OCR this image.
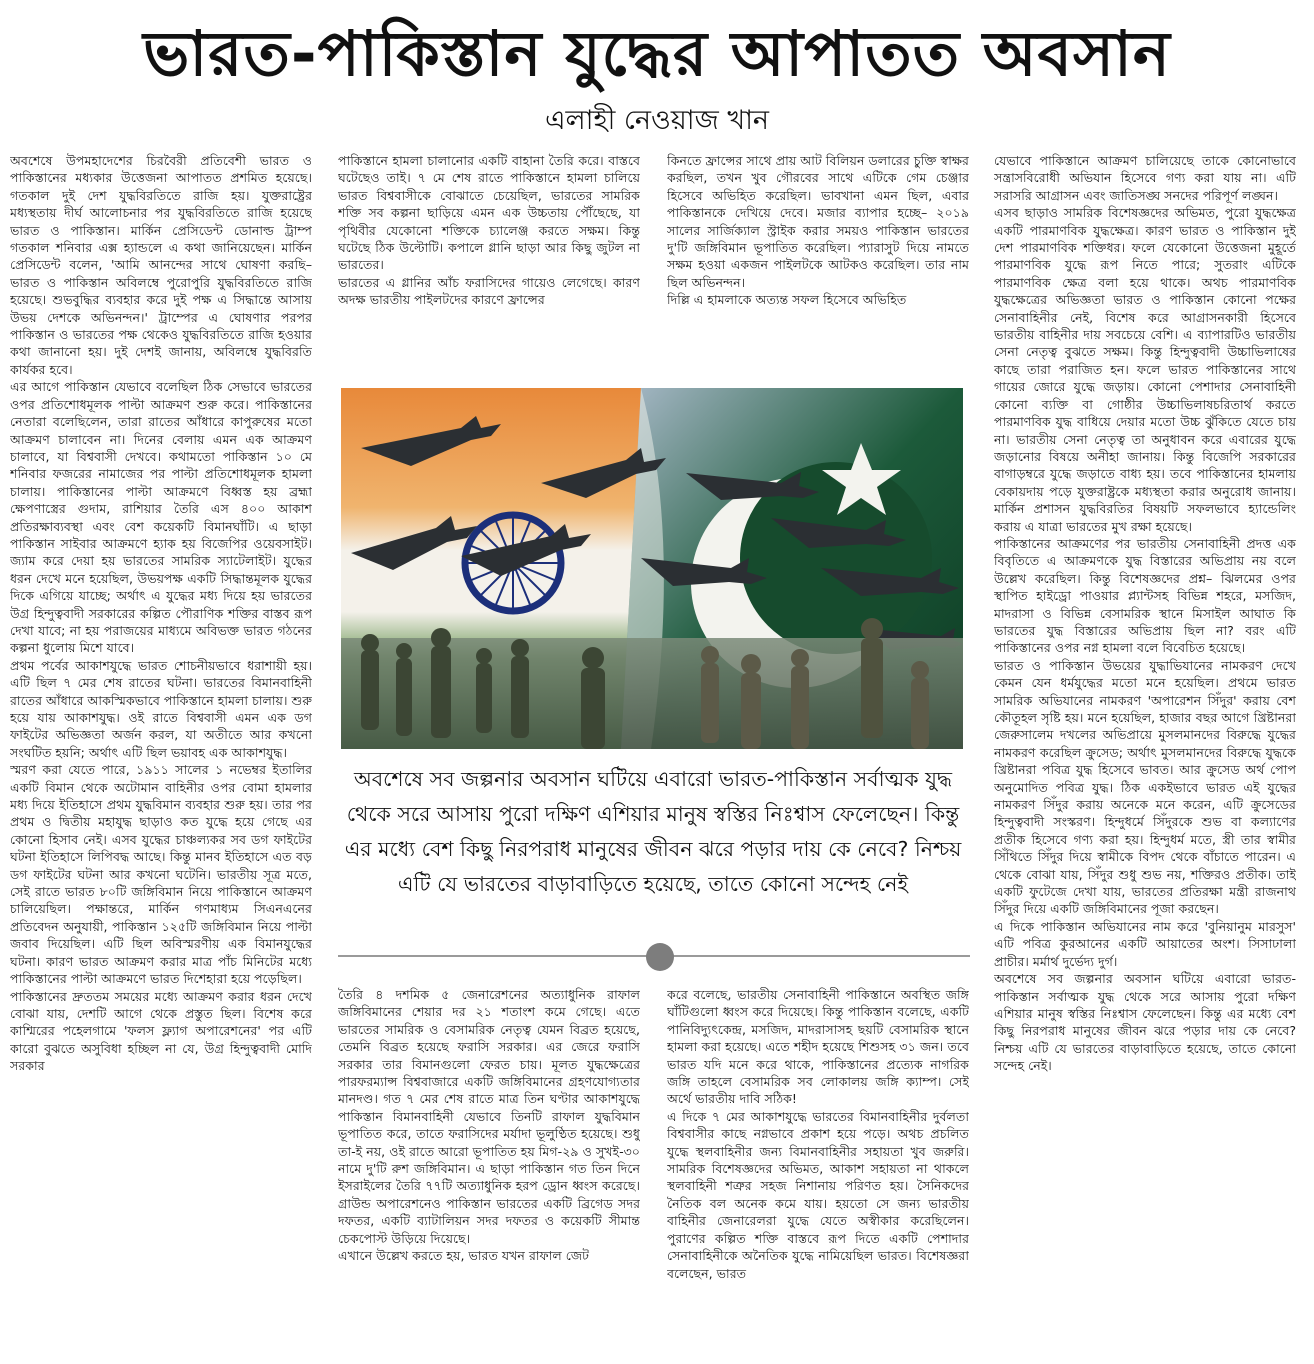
ভারত-পাকিস্তান যুদ্ধের আপাতত অবসান
এলাহী নেওয়াজ খান

অবশেষে উপমহাদেশের চিরবৈরী প্রতিবেশী ভারত ও পাকিস্তানের মধ্যকার উত্তেজনা আপাতত প্রশমিত হয়েছে। গতকাল দুই দেশ যুদ্ধবিরতিতে রাজি হয়। যুক্তরাষ্ট্রের মধ্যস্থতায় দীর্ঘ আলোচনার পর যুদ্ধবিরতিতে রাজি হয়েছে ভারত ও পাকিস্তান। মার্কিন প্রেসিডেন্ট ডোনাল্ড ট্রাম্প গতকাল শনিবার এক্স হ্যান্ডলে এ কথা জানিয়েছেন। মার্কিন প্রেসিডেন্ট বলেন, 'আমি আনন্দের সাথে ঘোষণা করছি– ভারত ও পাকিস্তান অবিলম্বে পুরোপুরি যুদ্ধবিরতিতে রাজি হয়েছে। শুভবুদ্ধির ব্যবহার করে দুই পক্ষ এ সিদ্ধান্তে আসায় উভয় দেশকে অভিনন্দন।' ট্রাম্পের এ ঘোষণার পরপর পাকিস্তান ও ভারতের পক্ষ থেকেও যুদ্ধবিরতিতে রাজি হওয়ার কথা জানানো হয়। দুই দেশই জানায়, অবিলম্বে যুদ্ধবিরতি কার্যকর হবে।

এর আগে পাকিস্তান যেভাবে বলেছিল ঠিক সেভাবে ভারতের ওপর প্রতিশোধমূলক পাল্টা আক্রমণ শুরু করে। পাকিস্তানের নেতারা বলেছিলেন, তারা রাতের আঁধারে কাপুরুষের মতো আক্রমণ চালাবেন না। দিনের বেলায় এমন এক আক্রমণ চালাবে, যা বিশ্ববাসী দেখবে। কথামতো পাকিস্তান ১০ মে শনিবার ফজরের নামাজের পর পাল্টা প্রতিশোধমূলক হামলা চালায়। পাকিস্তানের পাল্টা আক্রমণে বিধ্বস্ত হয় ব্রহ্মা ক্ষেপণাস্ত্রের গুদাম, রাশিয়ার তৈরি এস ৪০০ আকাশ প্রতিরক্ষাব্যবস্থা এবং বেশ কয়েকটি বিমানঘাঁটি। এ ছাড়া পাকিস্তান সাইবার আক্রমণে হ্যাক হয় বিজেপির ওয়েবসাইট। জ্যাম করে দেয়া হয় ভারতের সামরিক স্যাটেলাইট। যুদ্ধের ধরন দেখে মনে হয়েছিল, উভয়পক্ষ একটি সিদ্ধান্তমূলক যুদ্ধের দিকে এগিয়ে যাচ্ছে; অর্থাৎ এ যুদ্ধের মধ্য দিয়ে হয় ভারতের উগ্র হিন্দুত্ববাদী সরকারের কল্পিত পৌরাণিক শক্তির বাস্তব রূপ দেখা যাবে; না হয় পরাজয়ের মাধ্যমে অবিভক্ত ভারত গঠনের কল্পনা ধুলোয় মিশে যাবে।

প্রথম পর্বের আকাশযুদ্ধে ভারত শোচনীয়ভাবে ধরাশায়ী হয়। এটি ছিল ৭ মের শেষ রাতের ঘটনা। ভারতের বিমানবাহিনী রাতের আঁধারে আকস্মিকভাবে পাকিস্তানে হামলা চালায়। শুরু হয়ে যায় আকাশযুদ্ধ। ওই রাতে বিশ্ববাসী এমন এক ডগ ফাইটের অভিজ্ঞতা অর্জন করল, যা অতীতে আর কখনো সংঘটিত হয়নি; অর্থাৎ এটি ছিল ভয়াবহ এক আকাশযুদ্ধ।

স্মরণ করা যেতে পারে, ১৯১১ সালের ১ নভেম্বর ইতালির একটি বিমান থেকে অটোমান বাহিনীর ওপর বোমা হামলার মধ্য দিয়ে ইতিহাসে প্রথম যুদ্ধবিমান ব্যবহার শুরু হয়। তার পর প্রথম ও দ্বিতীয় মহাযুদ্ধ ছাড়াও কত যুদ্ধে হয়ে গেছে এর কোনো হিসাব নেই। এসব যুদ্ধের চাঞ্চল্যকর সব ডগ ফাইটের ঘটনা ইতিহাসে লিপিবদ্ধ আছে। কিন্তু মানব ইতিহাসে এত বড় ডগ ফাইটের ঘটনা আর কখনো ঘটেনি। ভারতীয় সূত্র মতে, সেই রাতে ভারত ৮০টি জঙ্গিবিমান নিয়ে পাকিস্তানে আক্রমণ চালিয়েছিল। পক্ষান্তরে, মার্কিন গণমাধ্যম সিএনএনের প্রতিবেদন অনুযায়ী, পাকিস্তান ১২৫টি জঙ্গিবিমান নিয়ে পাল্টা জবাব দিয়েছিল। এটি ছিল অবিস্মরণীয় এক বিমানযুদ্ধের ঘটনা। কারণ ভারত আক্রমণ করার মাত্র পাঁচ মিনিটের মধ্যে পাকিস্তানের পাল্টা আক্রমণে ভারত দিশেহারা হয়ে পড়েছিল।

পাকিস্তানের দ্রুততম সময়ের মধ্যে আক্রমণ করার ধরন দেখে বোঝা যায়, দেশটি আগে থেকে প্রস্তুত ছিল। বিশেষ করে কাশ্মিরের পহেলগামে 'ফলস ফ্ল্যাগ অপারেশনের' পর এটি কারো বুঝতে অসুবিধা হচ্ছিল না যে, উগ্র হিন্দুত্ববাদী মোদি সরকার

পাকিস্তানে হামলা চালানোর একটি বাহানা তৈরি করে। বাস্তবে ঘটেছেও তাই। ৭ মে শেষ রাতে পাকিস্তানে হামলা চালিয়ে ভারত বিশ্ববাসীকে বোঝাতে চেয়েছিল, ভারতের সামরিক শক্তি সব কল্পনা ছাড়িয়ে এমন এক উচ্চতায় পৌঁছেছে, যা পৃথিবীর যেকোনো শক্তিকে চ্যালেঞ্জ করতে সক্ষম। কিন্তু ঘটেছে ঠিক উল্টোটি। কপালে গ্লানি ছাড়া আর কিছু জুটল না ভারতের।

ভারতের এ গ্লানির আঁচ ফরাসিদের গায়েও লেগেছে। কারণ অদক্ষ ভারতীয় পাইলটদের কারণে ফ্রান্সের

কিনতে ফ্রান্সের সাথে প্রায় আট বিলিয়ন ডলারের চুক্তি স্বাক্ষর করছিল, তখন খুব গৌরবের সাথে এটিকে গেম চেঞ্জার হিসেবে অভিহিত করেছিল। ভাবখানা এমন ছিল, এবার পাকিস্তানকে দেখিয়ে দেবে। মজার ব্যাপার হচ্ছে– ২০১৯ সালের সার্জিক্যাল স্ট্রাইক করার সময়ও পাকিস্তান ভারতের দু'টি জঙ্গিবিমান ভূপাতিত করেছিল। প্যারাসুট দিয়ে নামতে সক্ষম হওয়া একজন পাইলটকে আটকও করেছিল। তার নাম ছিল অভিনন্দন।

দিল্লি এ হামলাকে অত্যন্ত সফল হিসেবে অভিহিত

যেভাবে পাকিস্তানে আক্রমণ চালিয়েছে তাকে কোনোভাবে সন্ত্রাসবিরোধী অভিযান হিসেবে গণ্য করা যায় না। এটি সরাসরি আগ্রাসন এবং জাতিসঙ্ঘ সনদের পরিপূর্ণ লঙ্ঘন।

এসব ছাড়াও সামরিক বিশেষজ্ঞদের অভিমত, পুরো যুদ্ধক্ষেত্র একটি পারমাণবিক যুদ্ধক্ষেত্র। কারণ ভারত ও পাকিস্তান দুই দেশ পারমাণবিক শক্তিধর। ফলে যেকোনো উত্তেজনা মুহূর্তে পারমাণবিক যুদ্ধে রূপ নিতে পারে; সুতরাং এটিকে পারমাণবিক ক্ষেত্র বলা হয়ে থাকে। অথচ পারমাণবিক যুদ্ধক্ষেত্রের অভিজ্ঞতা ভারত ও পাকিস্তান কোনো পক্ষের সেনাবাহিনীর নেই, বিশেষ করে আগ্রাসনকারী হিসেবে ভারতীয় বাহিনীর দায় সবচেয়ে বেশি। এ ব্যাপারটিও ভারতীয় সেনা নেতৃত্ব বুঝতে সক্ষম। কিন্তু হিন্দুত্ববাদী উচ্চাভিলাষের কাছে তারা পরাজিত হন। ফলে ভারত পাকিস্তানের সাথে গায়ের জোরে যুদ্ধে জড়ায়। কোনো পেশাদার সেনাবাহিনী কোনো ব্যক্তি বা গোষ্ঠীর উচ্চাভিলাষচরিতার্থ করতে পারমাণবিক যুদ্ধ বাধিয়ে দেয়ার মতো উচ্চ ঝুঁকিতে যেতে চায় না। ভারতীয় সেনা নেতৃত্ব তা অনুধাবন করে এবারের যুদ্ধে জড়ানোর বিষয়ে অনীহা জানায়। কিন্তু বিজেপি সরকারের বাগাড়ম্বরে যুদ্ধে জড়াতে বাধ্য হয়। তবে পাকিস্তানের হামলায় বেকায়দায় পড়ে যুক্তরাষ্ট্রকে মধ্যস্থতা করার অনুরোধ জানায়। মার্কিন প্রশাসন যুদ্ধবিরতির বিষয়টি সফলভাবে হ্যান্ডেলিং করায় এ যাত্রা ভারতের মুখ রক্ষা হয়েছে।

পাকিস্তানের আক্রমণের পর ভারতীয় সেনাবাহিনী প্রদত্ত এক বিবৃতিতে এ আক্রমণকে যুদ্ধ বিস্তারের অভিপ্রায় নয় বলে উল্লেখ করেছিল। কিন্তু বিশেষজ্ঞদের প্রশ্ন– ঝিলমের ওপর স্থাপিত হাইড্রো পাওয়ার প্ল্যান্টসহ বিভিন্ন শহরে, মসজিদ, মাদরাসা ও বিভিন্ন বেসামরিক স্থানে মিসাইল আঘাত কি ভারতের যুদ্ধ বিস্তারের অভিপ্রায় ছিল না? বরং এটি পাকিস্তানের ওপর নগ্ন হামলা বলে বিবেচিত হয়েছে।

ভারত ও পাকিস্তান উভয়ের যুদ্ধাভিযানের নামকরণ দেখে কেমন যেন ধর্মযুদ্ধের মতো মনে হয়েছিল। প্রথমে ভারত সামরিক অভিযানের নামকরণ 'অপারেশন সিঁদুর' করায় বেশ কৌতূহল সৃষ্টি হয়। মনে হয়েছিল, হাজার বছর আগে খ্রিষ্টানরা জেরুসালেম দখলের অভিপ্রায়ে মুসলমানদের বিরুদ্ধে যুদ্ধের নামকরণ করেছিল ক্রুসেড; অর্থাৎ মুসলমানদের বিরুদ্ধে যুদ্ধকে খ্রিষ্টানরা পবিত্র যুদ্ধ হিসেবে ভাবত। আর ক্রুসেড অর্থ পোপ অনুমোদিত পবিত্র যুদ্ধ। ঠিক একইভাবে ভারত এই যুদ্ধের নামকরণ সিঁদুর করায় অনেকে মনে করেন, এটি ক্রুসেডের হিন্দুত্ববাদী সংস্করণ। হিন্দুধর্মে সিঁদুরকে শুভ বা কল্যাণের প্রতীক হিসেবে গণ্য করা হয়। হিন্দুধর্ম মতে, স্ত্রী তার স্বামীর সিঁথিতে সিঁদুর দিয়ে স্বামীকে বিপদ থেকে বাঁচাতে পারেন। এ থেকে বোঝা যায়, সিঁদুর শুধু শুভ নয়, শক্তিরও প্রতীক। তাই একটি ফুটেজে দেখা যায়, ভারতের প্রতিরক্ষা মন্ত্রী রাজনাথ সিঁদুর দিয়ে একটি জঙ্গিবিমানের পূজা করছেন।

এ দিকে পাকিস্তান অভিযানের নাম করে 'বুনিয়ানুম মারসুস' এটি পবিত্র কুরআনের একটি আয়াতের অংশ। সিসাঢালা প্রাচীর। মর্মার্থ দুর্ভেদ্য দুর্গ।

অবশেষে সব জল্পনার অবসান ঘটিয়ে এবারো ভারত-পাকিস্তান সর্বাত্মক যুদ্ধ থেকে সরে আসায় পুরো দক্ষিণ এশিয়ার মানুষ স্বস্তির নিঃশ্বাস ফেলেছেন। কিন্তু এর মধ্যে বেশ কিছু নিরপরাধ মানুষের জীবন ঝরে পড়ার দায় কে নেবে? নিশ্চয় এটি যে ভারতের বাড়াবাড়িতে হয়েছে, তাতে কোনো সন্দেহ নেই।

অবশেষে সব জল্পনার অবসান ঘটিয়ে এবারো ভারত-পাকিস্তান সর্বাত্মক যুদ্ধ থেকে সরে আসায় পুরো দক্ষিণ এশিয়ার মানুষ স্বস্তির নিঃশ্বাস ফেলেছেন। কিন্তু এর মধ্যে বেশ কিছু নিরপরাধ মানুষের জীবন ঝরে পড়ার দায় কে নেবে? নিশ্চয় এটি যে ভারতের বাড়াবাড়িতে হয়েছে, তাতে কোনো সন্দেহ নেই

তৈরি ৪ দশমিক ৫ জেনারেশনের অত্যাধুনিক রাফাল জঙ্গিবিমানের শেয়ার দর ২১ শতাংশ কমে গেছে। এতে ভারতের সামরিক ও বেসামরিক নেতৃত্ব যেমন বিব্রত হয়েছে, তেমনি বিব্রত হয়েছে ফরাসি সরকার। এর জেরে ফরাসি সরকার তার বিমানগুলো ফেরত চায়। মূলত যুদ্ধক্ষেত্রের পারফরম্যান্স বিশ্ববাজারে একটি জঙ্গিবিমানের গ্রহণযোগ্যতার মানদণ্ড। গত ৭ মের শেষ রাতে মাত্র তিন ঘণ্টার আকাশযুদ্ধে পাকিস্তান বিমানবাহিনী যেভাবে তিনটি রাফাল যুদ্ধবিমান ভূপাতিত করে, তাতে ফরাসিদের মর্যাদা ভূলুণ্ঠিত হয়েছে। শুধু তা-ই নয়, ওই রাতে আরো ভূপাতিত হয় মিগ-২৯ ও সুখই-৩০ নামে দু'টি রুশ জঙ্গিবিমান। এ ছাড়া পাকিস্তান গত তিন দিনে ইসরাইলের তৈরি ৭৭টি অত্যাধুনিক হরপ ড্রোন ধ্বংস করেছে। গ্রাউন্ড অপারেশনেও পাকিস্তান ভারতের একটি ব্রিগেড সদর দফতর, একটি ব্যাটালিয়ন সদর দফতর ও কয়েকটি সীমান্ত চেকপোস্ট উড়িয়ে দিয়েছে।

এখানে উল্লেখ করতে হয়, ভারত যখন রাফাল জেট

করে বলেছে, ভারতীয় সেনাবাহিনী পাকিস্তানে অবস্থিত জঙ্গি ঘাঁটিগুলো ধ্বংস করে দিয়েছে। কিন্তু পাকিস্তান বলেছে, একটি পানিবিদ্যুৎকেন্দ্র, মসজিদ, মাদরাসাসহ ছয়টি বেসামরিক স্থানে হামলা করা হয়েছে। এতে শহীদ হয়েছে শিশুসহ ৩১ জন। তবে ভারত যদি মনে করে থাকে, পাকিস্তানের প্রত্যেক নাগরিক জঙ্গি তাহলে বেসামরিক সব লোকালয় জঙ্গি ক্যাম্প। সেই অর্থে ভারতীয় দাবি সঠিক!

এ দিকে ৭ মের আকাশযুদ্ধে ভারতের বিমানবাহিনীর দুর্বলতা বিশ্ববাসীর কাছে নগ্নভাবে প্রকাশ হয়ে পড়ে। অথচ প্রচলিত যুদ্ধে স্থলবাহিনীর জন্য বিমানবাহিনীর সহায়তা খুব জরুরি। সামরিক বিশেষজ্ঞদের অভিমত, আকাশ সহায়তা না থাকলে স্থলবাহিনী শত্রুর সহজ নিশানায় পরিণত হয়। সৈনিকদের নৈতিক বল অনেক কমে যায়। হয়তো সে জন্য ভারতীয় বাহিনীর জেনারেলরা যুদ্ধে যেতে অস্বীকার করেছিলেন। পুরাণের কল্পিত শক্তি বাস্তবে রূপ দিতে একটি পেশাদার সেনাবাহিনীকে অনৈতিক যুদ্ধে নামিয়েছিল ভারত। বিশেষজ্ঞরা বলেছেন, ভারত
